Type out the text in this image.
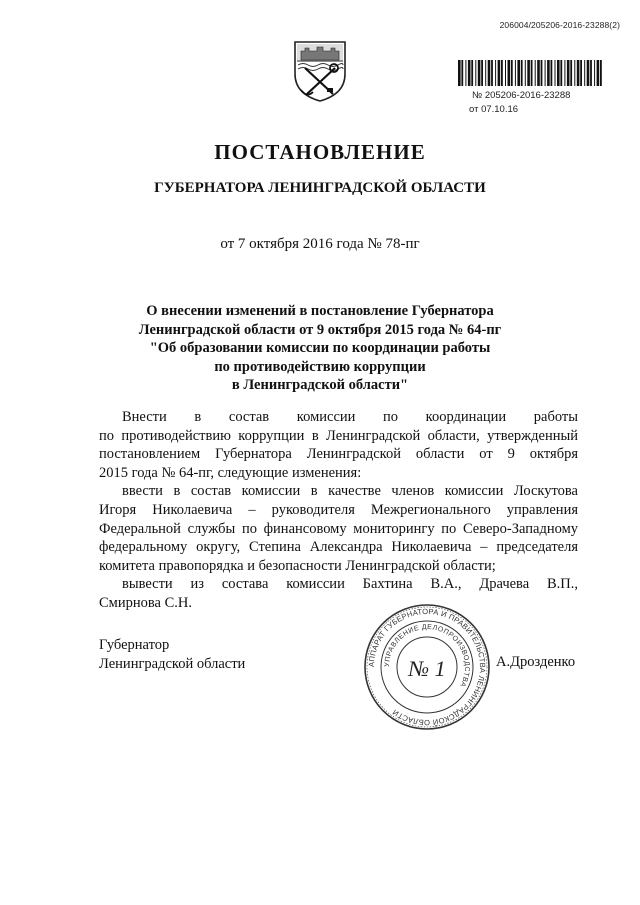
206004/205206-2016-23288(2)
№ 205206-2016-23288
от 07.10.16
ПОСТАНОВЛЕНИЕ
ГУБЕРНАТОРА ЛЕНИНГРАДСКОЙ ОБЛАСТИ
от 7 октября 2016 года № 78-пг
О внесении изменений в постановление Губернатора
Ленинградской области от 9 октября 2015 года № 64-пг
"Об образовании комиссии по координации работы
по противодействию коррупции
в Ленинградской области"
Внести в состав комиссии по координации работы
по противодействию коррупции в Ленинградской области, утвержденный
постановлением Губернатора Ленинградской области от 9 октября
2015 года № 64-пг, следующие изменения:
ввести в состав комиссии в качестве членов комиссии Лоскутова
Игоря Николаевича – руководителя Межрегионального управления
Федеральной службы по финансовому мониторингу по Северо-Западному
федеральному округу, Степина Александра Николаевича – председателя
комитета правопорядка и безопасности Ленинградской области;
вывести из состава комиссии Бахтина В.А., Драчева В.П.,
Смирнова С.Н.
Губернатор
Ленинградской области	А.Дрозденко
АППАРАТ ГУБЕРНАТОРА И ПРАВИТЕЛЬСТВА ЛЕНИНГРАДСКОЙ ОБЛАСТИ
УПРАВЛЕНИЕ ДЕЛОПРОИЗВОДСТВА
№ 1
